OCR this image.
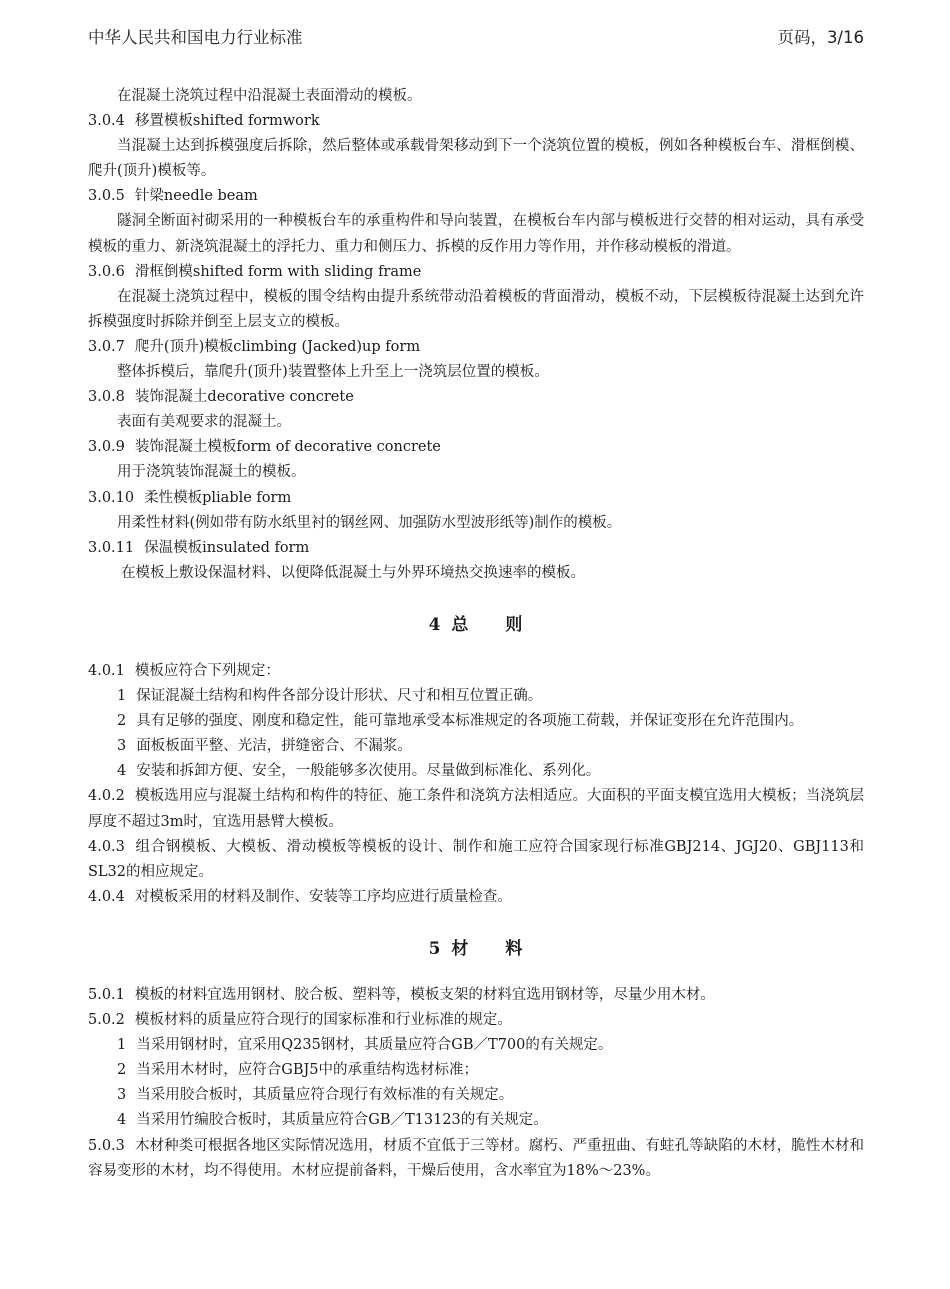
中华人民共和国电力行业标准	页码，3/16

在混凝土浇筑过程中沿混凝土表面滑动的模板。

3.0.4 移置模板shifted formwork

当混凝土达到拆模强度后拆除，然后整体或承载骨架移动到下一个浇筑位置的模板，例如各种模板台车、滑框倒模、爬升(顶升)模板等。

3.0.5 针梁needle beam

隧洞全断面衬砌采用的一种模板台车的承重构件和导向装置，在模板台车内部与模板进行交替的相对运动，具有承受模板的重力、新浇筑混凝土的浮托力、重力和侧压力、拆模的反作用力等作用，并作移动模板的滑道。

3.0.6 滑框倒模shifted form with sliding frame

在混凝土浇筑过程中，模板的围令结构由提升系统带动沿着模板的背面滑动，模板不动，下层模板待混凝土达到允许拆模强度时拆除并倒至上层支立的模板。

3.0.7 爬升(顶升)模板climbing (Jacked)up form

整体拆模后，靠爬升(顶升)装置整体上升至上一浇筑层位置的模板。

3.0.8 装饰混凝土decorative concrete

表面有美观要求的混凝土。

3.0.9 装饰混凝土模板form of decorative concrete

用于浇筑装饰混凝土的模板。

3.0.10 柔性模板pliable form

用柔性材料(例如带有防水纸里衬的钢丝网、加强防水型波形纸等)制作的模板。

3.0.11 保温模板insulated form

在模板上敷设保温材料、以便降低混凝土与外界环境热交换速率的模板。

4 总 则

4.0.1 模板应符合下列规定：

1 保证混凝土结构和构件各部分设计形状、尺寸和相互位置正确。

2 具有足够的强度、刚度和稳定性，能可靠地承受本标准规定的各项施工荷载，并保证变形在允许范围内。

3 面板板面平整、光洁，拼缝密合、不漏浆。

4 安装和拆卸方便、安全，一般能够多次使用。尽量做到标准化、系列化。

4.0.2 模板选用应与混凝土结构和构件的特征、施工条件和浇筑方法相适应。大面积的平面支模宜选用大模板；当浇筑层厚度不超过3m时，宜选用悬臂大模板。

4.0.3 组合钢模板、大模板、滑动模板等模板的设计、制作和施工应符合国家现行标准GBJ214、JGJ20、GBJ113和SL32的相应规定。

4.0.4 对模板采用的材料及制作、安装等工序均应进行质量检查。

5 材 料

5.0.1 模板的材料宜选用钢材、胶合板、塑料等，模板支架的材料宜选用钢材等，尽量少用木材。

5.0.2 模板材料的质量应符合现行的国家标准和行业标准的规定。

1 当采用钢材时，宜采用Q235钢材，其质量应符合GB／T700的有关规定。

2 当采用木材时，应符合GBJ5中的承重结构选材标准；

3 当采用胶合板时，其质量应符合现行有效标准的有关规定。

4 当采用竹编胶合板时，其质量应符合GB／T13123的有关规定。

5.0.3 木材种类可根据各地区实际情况选用，材质不宜低于三等材。腐朽、严重扭曲、有蛀孔等缺陷的木材，脆性木材和容易变形的木材，均不得使用。木材应提前备料，干燥后使用，含水率宜为18%～23%。
